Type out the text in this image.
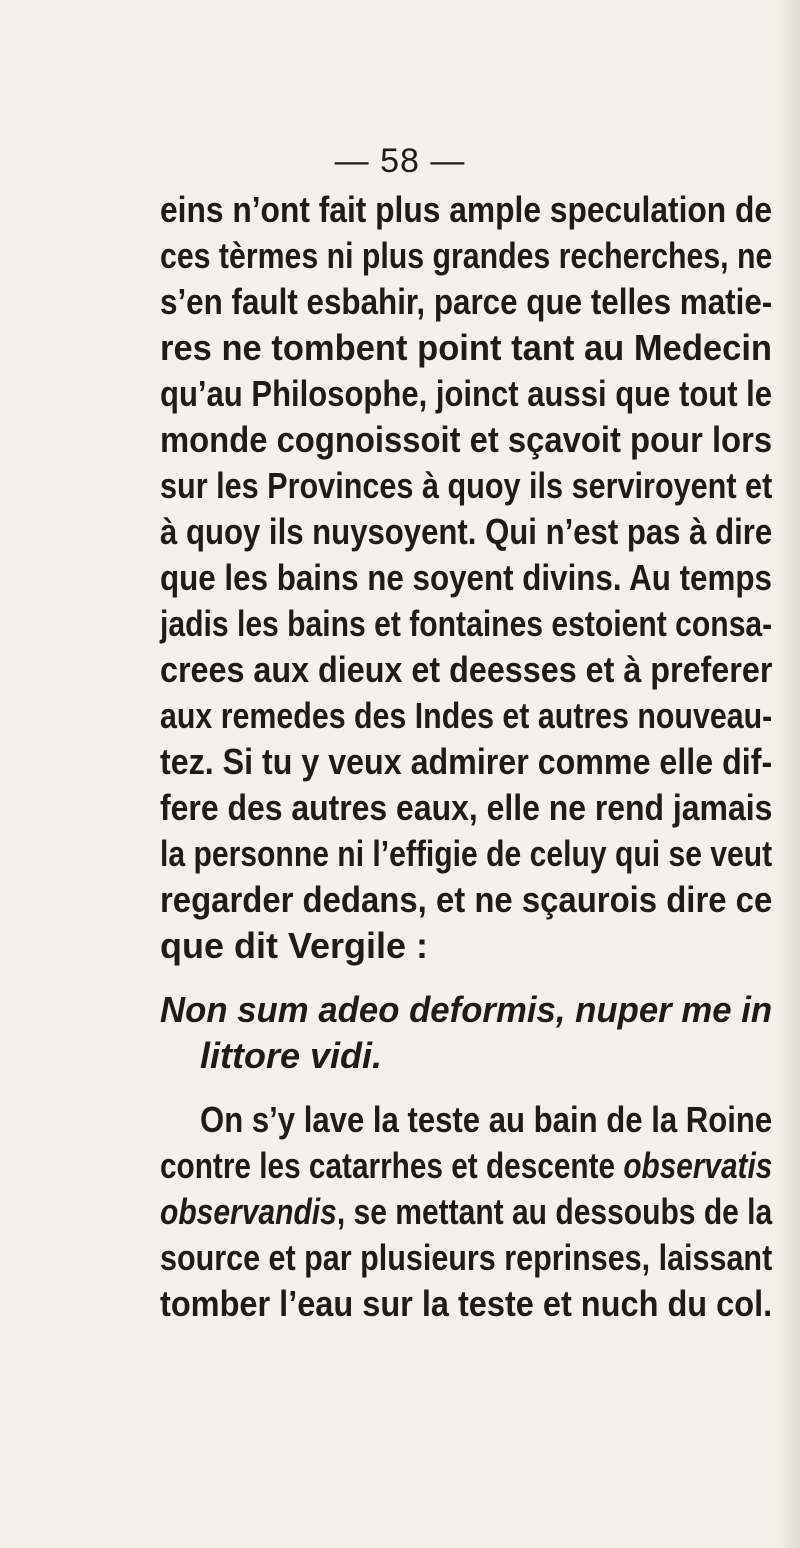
— 58 —
eins n’ont fait plus ample speculation de
ces tèrmes ni plus grandes recherches, ne
s’en fault esbahir, parce que telles matie-
res ne tombent point tant au Medecin
qu’au Philosophe, joinct aussi que tout le
monde cognoissoit et sçavoit pour lors
sur les Provinces à quoy ils serviroyent et
à quoy ils nuysoyent. Qui n’est pas à dire
que les bains ne soyent divins. Au temps
jadis les bains et fontaines estoient consa-
crees aux dieux et deesses et à preferer
aux remedes des Indes et autres nouveau-
tez. Si tu y veux admirer comme elle dif-
fere des autres eaux, elle ne rend jamais
la personne ni l’effigie de celuy qui se veut
regarder dedans, et ne sçaurois dire ce
que dit Vergile :
Non sum adeo deformis, nuper me in
littore vidi.
On s’y lave la teste au bain de la Roine
contre les catarrhes et descente observatis
observandis, se mettant au dessoubs de la
source et par plusieurs reprinses, laissant
tomber l’eau sur la teste et nuch du col.
